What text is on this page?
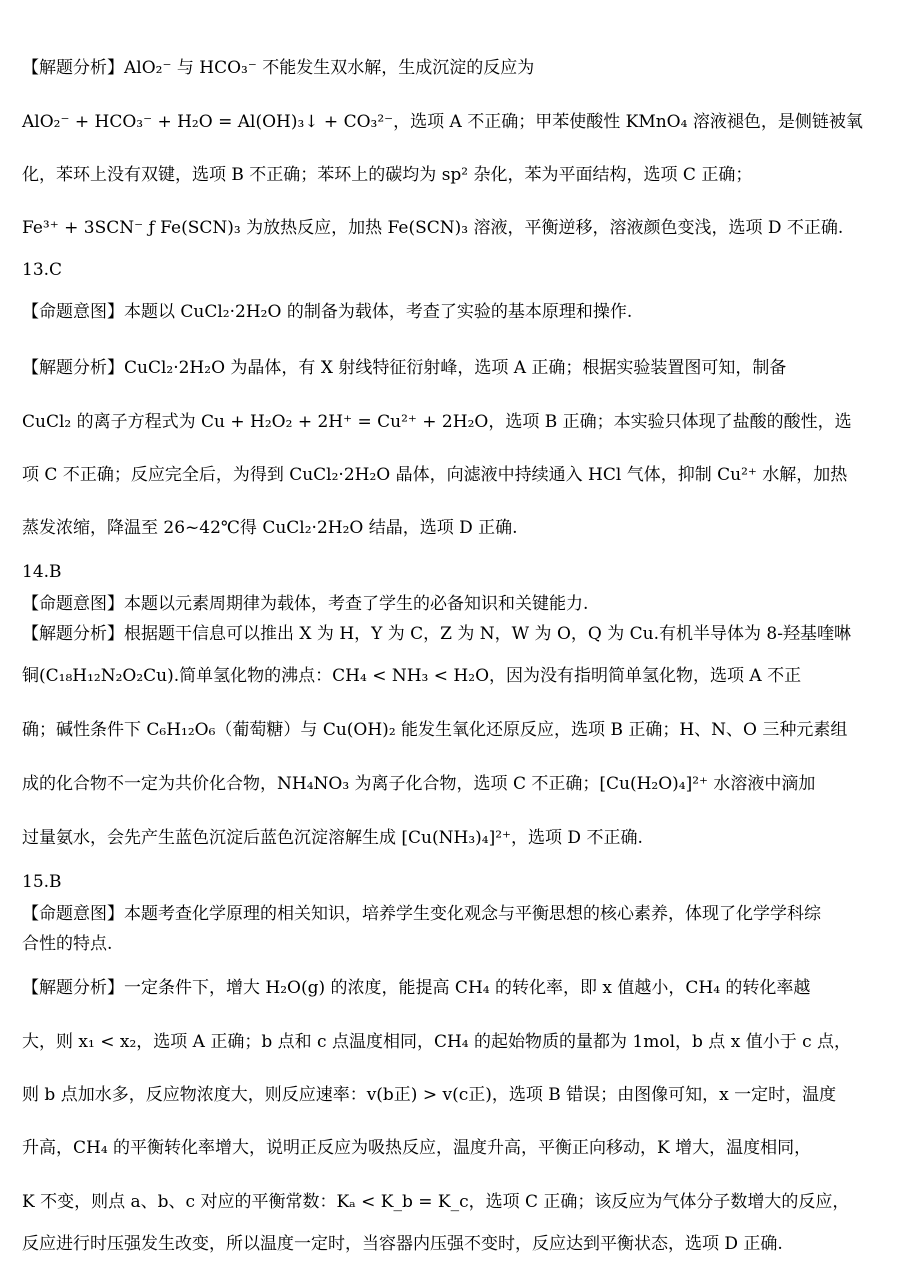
【解题分析】AlO₂⁻ 与 HCO₃⁻ 不能发生双水解，生成沉淀的反应为
AlO₂⁻ + HCO₃⁻ + H₂O = Al(OH)₃↓ + CO₃²⁻，选项 A 不正确；甲苯使酸性 KMnO₄ 溶液褪色，是侧链被氧
化，苯环上没有双键，选项 B 不正确；苯环上的碳均为 sp² 杂化，苯为平面结构，选项 C 正确；
Fe³⁺ + 3SCN⁻ ƒ Fe(SCN)₃ 为放热反应，加热 Fe(SCN)₃ 溶液，平衡逆移，溶液颜色变浅，选项 D 不正确.
13.C
【命题意图】本题以 CuCl₂·2H₂O 的制备为载体，考查了实验的基本原理和操作.
【解题分析】CuCl₂·2H₂O 为晶体，有 X 射线特征衍射峰，选项 A 正确；根据实验装置图可知，制备
CuCl₂ 的离子方程式为 Cu + H₂O₂ + 2H⁺ = Cu²⁺ + 2H₂O，选项 B 正确；本实验只体现了盐酸的酸性，选
项 C 不正确；反应完全后，为得到 CuCl₂·2H₂O 晶体，向滤液中持续通入 HCl 气体，抑制 Cu²⁺ 水解，加热
蒸发浓缩，降温至 26~42℃得 CuCl₂·2H₂O 结晶，选项 D 正确.
14.B
【命题意图】本题以元素周期律为载体，考查了学生的必备知识和关键能力.
【解题分析】根据题干信息可以推出 X 为 H，Y 为 C，Z 为 N，W 为 O，Q 为 Cu.有机半导体为 8-羟基喹啉
铜(C₁₈H₁₂N₂O₂Cu).简单氢化物的沸点：CH₄ < NH₃ < H₂O，因为没有指明简单氢化物，选项 A 不正
确；碱性条件下 C₆H₁₂O₆（葡萄糖）与 Cu(OH)₂ 能发生氧化还原反应，选项 B 正确；H、N、O 三种元素组
成的化合物不一定为共价化合物，NH₄NO₃ 为离子化合物，选项 C 不正确；[Cu(H₂O)₄]²⁺ 水溶液中滴加
过量氨水，会先产生蓝色沉淀后蓝色沉淀溶解生成 [Cu(NH₃)₄]²⁺，选项 D 不正确.
15.B
【命题意图】本题考查化学原理的相关知识，培养学生变化观念与平衡思想的核心素养，体现了化学学科综
合性的特点.
【解题分析】一定条件下，增大 H₂O(g) 的浓度，能提高 CH₄ 的转化率，即 x 值越小，CH₄ 的转化率越
大，则 x₁ < x₂，选项 A 正确；b 点和 c 点温度相同，CH₄ 的起始物质的量都为 1mol，b 点 x 值小于 c 点，
则 b 点加水多，反应物浓度大，则反应速率：v(b正) > v(c正)，选项 B 错误；由图像可知，x 一定时，温度
升高，CH₄ 的平衡转化率增大，说明正反应为吸热反应，温度升高，平衡正向移动，K 增大，温度相同，
K 不变，则点 a、b、c 对应的平衡常数：Kₐ < K_b = K_c，选项 C 正确；该反应为气体分子数增大的反应，
反应进行时压强发生改变，所以温度一定时，当容器内压强不变时，反应达到平衡状态，选项 D 正确.
